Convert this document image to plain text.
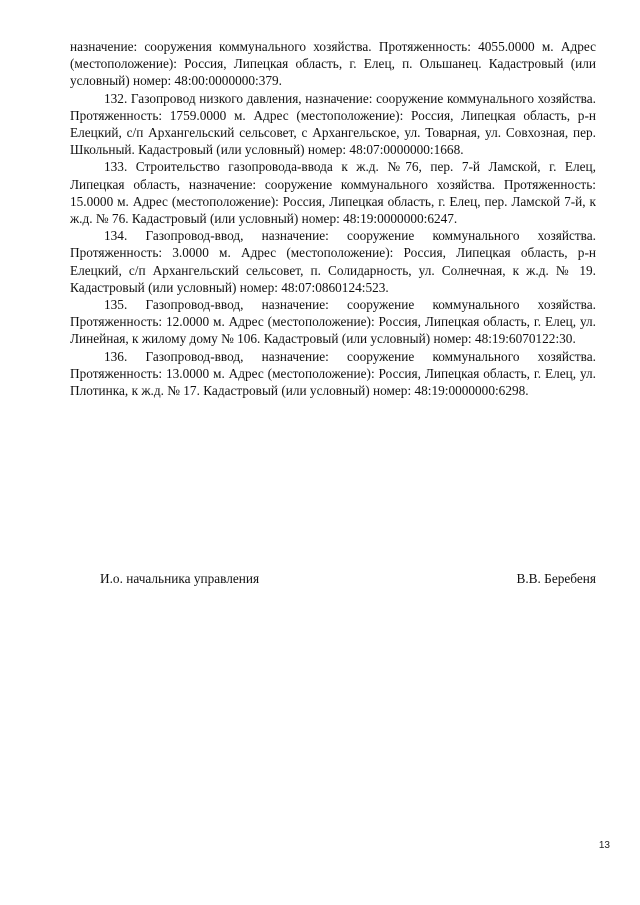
назначение: сооружения коммунального хозяйства. Протяженность: 4055.0000 м. Адрес (местоположение): Россия, Липецкая область, г. Елец, п. Ольшанец. Кадастровый (или условный) номер: 48:00:0000000:379.

132. Газопровод низкого давления, назначение: сооружение коммунального хозяйства. Протяженность: 1759.0000 м. Адрес (местоположение): Россия, Липецкая область, р-н Елецкий, с/п Архангельский сельсовет, с Архангельское, ул. Товарная, ул. Совхозная, пер. Школьный. Кадастровый (или условный) номер: 48:07:0000000:1668.

133. Строительство газопровода-ввода к ж.д. №76, пер. 7-й Ламской, г. Елец, Липецкая область, назначение: сооружение коммунального хозяйства. Протяженность: 15.0000 м. Адрес (местоположение): Россия, Липецкая область, г. Елец, пер. Ламской 7-й, к ж.д. № 76. Кадастровый (или условный) номер: 48:19:0000000:6247.

134. Газопровод-ввод, назначение: сооружение коммунального хозяйства. Протяженность: 3.0000 м. Адрес (местоположение): Россия, Липецкая область, р-н Елецкий, с/п Архангельский сельсовет, п. Солидарность, ул. Солнечная, к ж.д. № 19. Кадастровый (или условный) номер: 48:07:0860124:523.

135. Газопровод-ввод, назначение: сооружение коммунального хозяйства. Протяженность: 12.0000 м. Адрес (местоположение): Россия, Липецкая область, г. Елец, ул. Линейная, к жилому дому № 106. Кадастровый (или условный) номер: 48:19:6070122:30.

136. Газопровод-ввод, назначение: сооружение коммунального хозяйства. Протяженность: 13.0000 м. Адрес (местоположение): Россия, Липецкая область, г. Елец, ул. Плотинка, к ж.д. № 17. Кадастровый (или условный) номер: 48:19:0000000:6298.

И.о. начальника управления	В.В. Беребеня
13
